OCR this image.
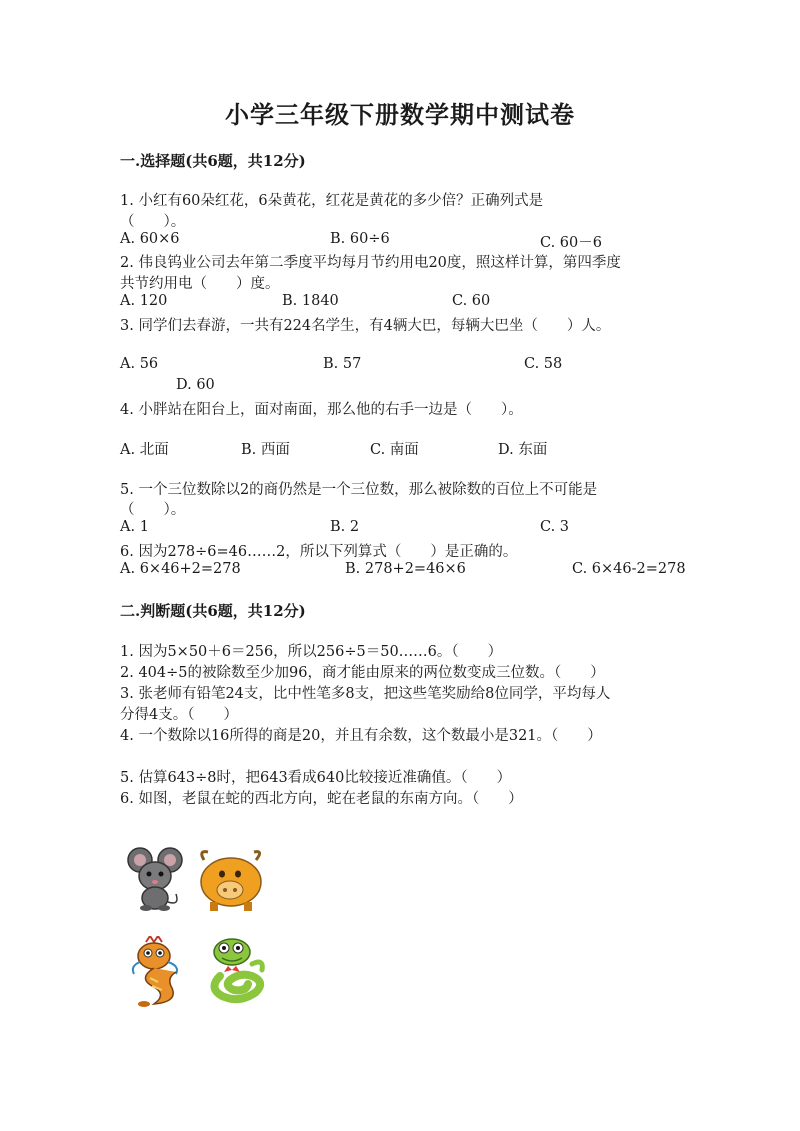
小学三年级下册数学期中测试卷
一.选择题(共6题，共12分)
1. 小红有60朵红花，6朵黄花，红花是黄花的多少倍？正确列式是
（　　）。
A. 60×6	B. 60÷6	C. 60－6
2. 伟良钨业公司去年第二季度平均每月节约用电20度，照这样计算，第四季度
共节约用电（　　）度。
A. 120	B. 1840	C. 60
3. 同学们去春游，一共有224名学生，有4辆大巴，每辆大巴坐（　　）人。
A. 56	B. 57	C. 58
D. 60
4. 小胖站在阳台上，面对南面，那么他的右手一边是（　　）。
A. 北面	B. 西面	C. 南面	D. 东面
5. 一个三位数除以2的商仍然是一个三位数，那么被除数的百位上不可能是
（　　）。
A. 1	B. 2	C. 3
6. 因为278÷6=46……2，所以下列算式（　　）是正确的。
A. 6×46+2=278	B. 278+2=46×6	C. 6×46-2=278
二.判断题(共6题，共12分)
1. 因为5×50＋6＝256，所以256÷5＝50……6。（　　）
2. 404÷5的被除数至少加96，商才能由原来的两位数变成三位数。（　　）
3. 张老师有铅笔24支，比中性笔多8支，把这些笔奖励给8位同学，平均每人
分得4支。（　　）
4. 一个数除以16所得的商是20，并且有余数，这个数最小是321。（　　）
5. 估算643÷8时，把643看成640比较接近准确值。（　　）
6. 如图，老鼠在蛇的西北方向，蛇在老鼠的东南方向。（　　）
